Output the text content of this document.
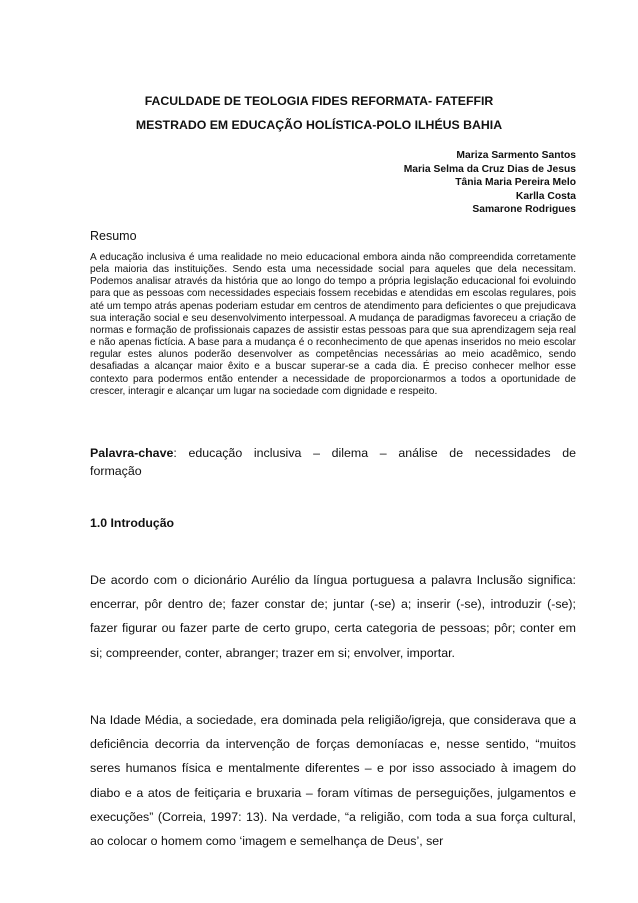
FACULDADE DE TEOLOGIA FIDES REFORMATA- FATEFFIR
MESTRADO EM EDUCAÇÃO HOLÍSTICA-POLO ILHÉUS BAHIA
Mariza Sarmento Santos
Maria Selma da Cruz Dias de Jesus
Tânia Maria Pereira Melo
Karlla Costa
Samarone Rodrigues
Resumo

A educação inclusiva é uma realidade no meio educacional embora ainda não compreendida corretamente pela maioria das instituições. Sendo esta uma necessidade social para aqueles que dela necessitam. Podemos analisar através da história que ao longo do tempo a própria legislação educacional foi evoluindo para que as pessoas com necessidades especiais fossem recebidas e atendidas em escolas regulares, pois até um tempo atrás apenas poderiam estudar em centros de atendimento para deficientes o que prejudicava sua interação social e seu desenvolvimento interpessoal. A mudança de paradigmas favoreceu a criação de normas e formação de profissionais capazes de assistir estas pessoas para que sua aprendizagem seja real e não apenas fictícia. A base para a mudança é o reconhecimento de que apenas inseridos no meio escolar regular estes alunos poderão desenvolver as competências necessárias ao meio acadêmico, sendo desafiadas a alcançar maior êxito e a buscar superar-se a cada dia. É preciso conhecer melhor esse contexto para podermos então entender a necessidade de proporcionarmos a todos a oportunidade de crescer, interagir e alcançar um lugar na sociedade com dignidade e respeito.

Palavra-chave: educação inclusiva – dilema – análise de necessidades de formação

1.0 Introdução

De acordo com o dicionário Aurélio da língua portuguesa a palavra Inclusão significa: encerrar, pôr dentro de; fazer constar de; juntar (-se) a; inserir (-se), introduzir (-se); fazer figurar ou fazer parte de certo grupo, certa categoria de pessoas; pôr; conter em si; compreender, conter, abranger; trazer em si; envolver, importar.

Na Idade Média, a sociedade, era dominada pela religião/igreja, que considerava que a deficiência decorria da intervenção de forças demoníacas e, nesse sentido, “muitos seres humanos física e mentalmente diferentes – e por isso associado à imagem do diabo e a atos de feitiçaria e bruxaria – foram vítimas de perseguições, julgamentos e execuções” (Correia, 1997: 13). Na verdade, “a religião, com toda a sua força cultural, ao colocar o homem como ‘imagem e semelhança de Deus’, ser
